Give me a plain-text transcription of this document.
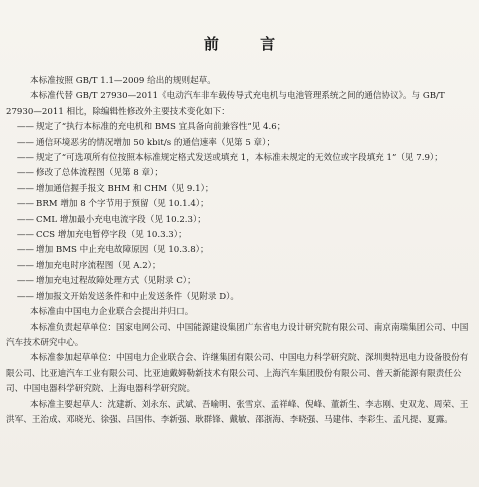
前 言

本标准按照 GB/T 1.1—2009 给出的规则起草。

本标准代替 GB/T 27930—2011《电动汽车非车载传导式充电机与电池管理系统之间的通信协议》。与 GB/T 27930—2011 相比，除编辑性修改外主要技术变化如下：

—— 规定了“执行本标准的充电机和 BMS 宜具备向前兼容性”见 4.6；

—— 通信环境恶劣的情况增加 50 kbit/s 的通信速率（见第 5 章）；

—— 规定了“可选项所有位按照本标准规定格式发送或填充 1，本标准未规定的无效位或字段填充 1”（见 7.9）；

—— 修改了总体流程图（见第 8 章）；

—— 增加通信握手报文 BHM 和 CHM（见 9.1）；

—— BRM 增加 8 个字节用于预留（见 10.1.4）；

—— CML 增加最小充电电流字段（见 10.2.3）；

—— CCS 增加充电暂停字段（见 10.3.3）；

—— 增加 BMS 中止充电故障原因（见 10.3.8）；

—— 增加充电时序流程图（见 A.2）；

—— 增加充电过程故障处理方式（见附录 C）；

—— 增加报文开始发送条件和中止发送条件（见附录 D）。

本标准由中国电力企业联合会提出并归口。

本标准负责起草单位：国家电网公司、中国能源建设集团广东省电力设计研究院有限公司、南京南瑞集团公司、中国汽车技术研究中心。

本标准参加起草单位：中国电力企业联合会、许继集团有限公司、中国电力科学研究院、深圳奥特迅电力设备股份有限公司、比亚迪汽车工业有限公司、比亚迪戴姆勒新技术有限公司、上海汽车集团股份有限公司、普天新能源有限责任公司、中国电器科学研究院、上海电器科学研究院。

本标准主要起草人：沈建新、刘永东、武斌、吾喻明、张雪京、孟祥峰、倪峰、董新生、李志刚、史双龙、周荣、王洪军、王治成、邓晓光、徐强、吕国伟、李新强、耿群锋、戴敏、邵浙海、李晓强、马建伟、李彩生、孟凡提、夏露。
